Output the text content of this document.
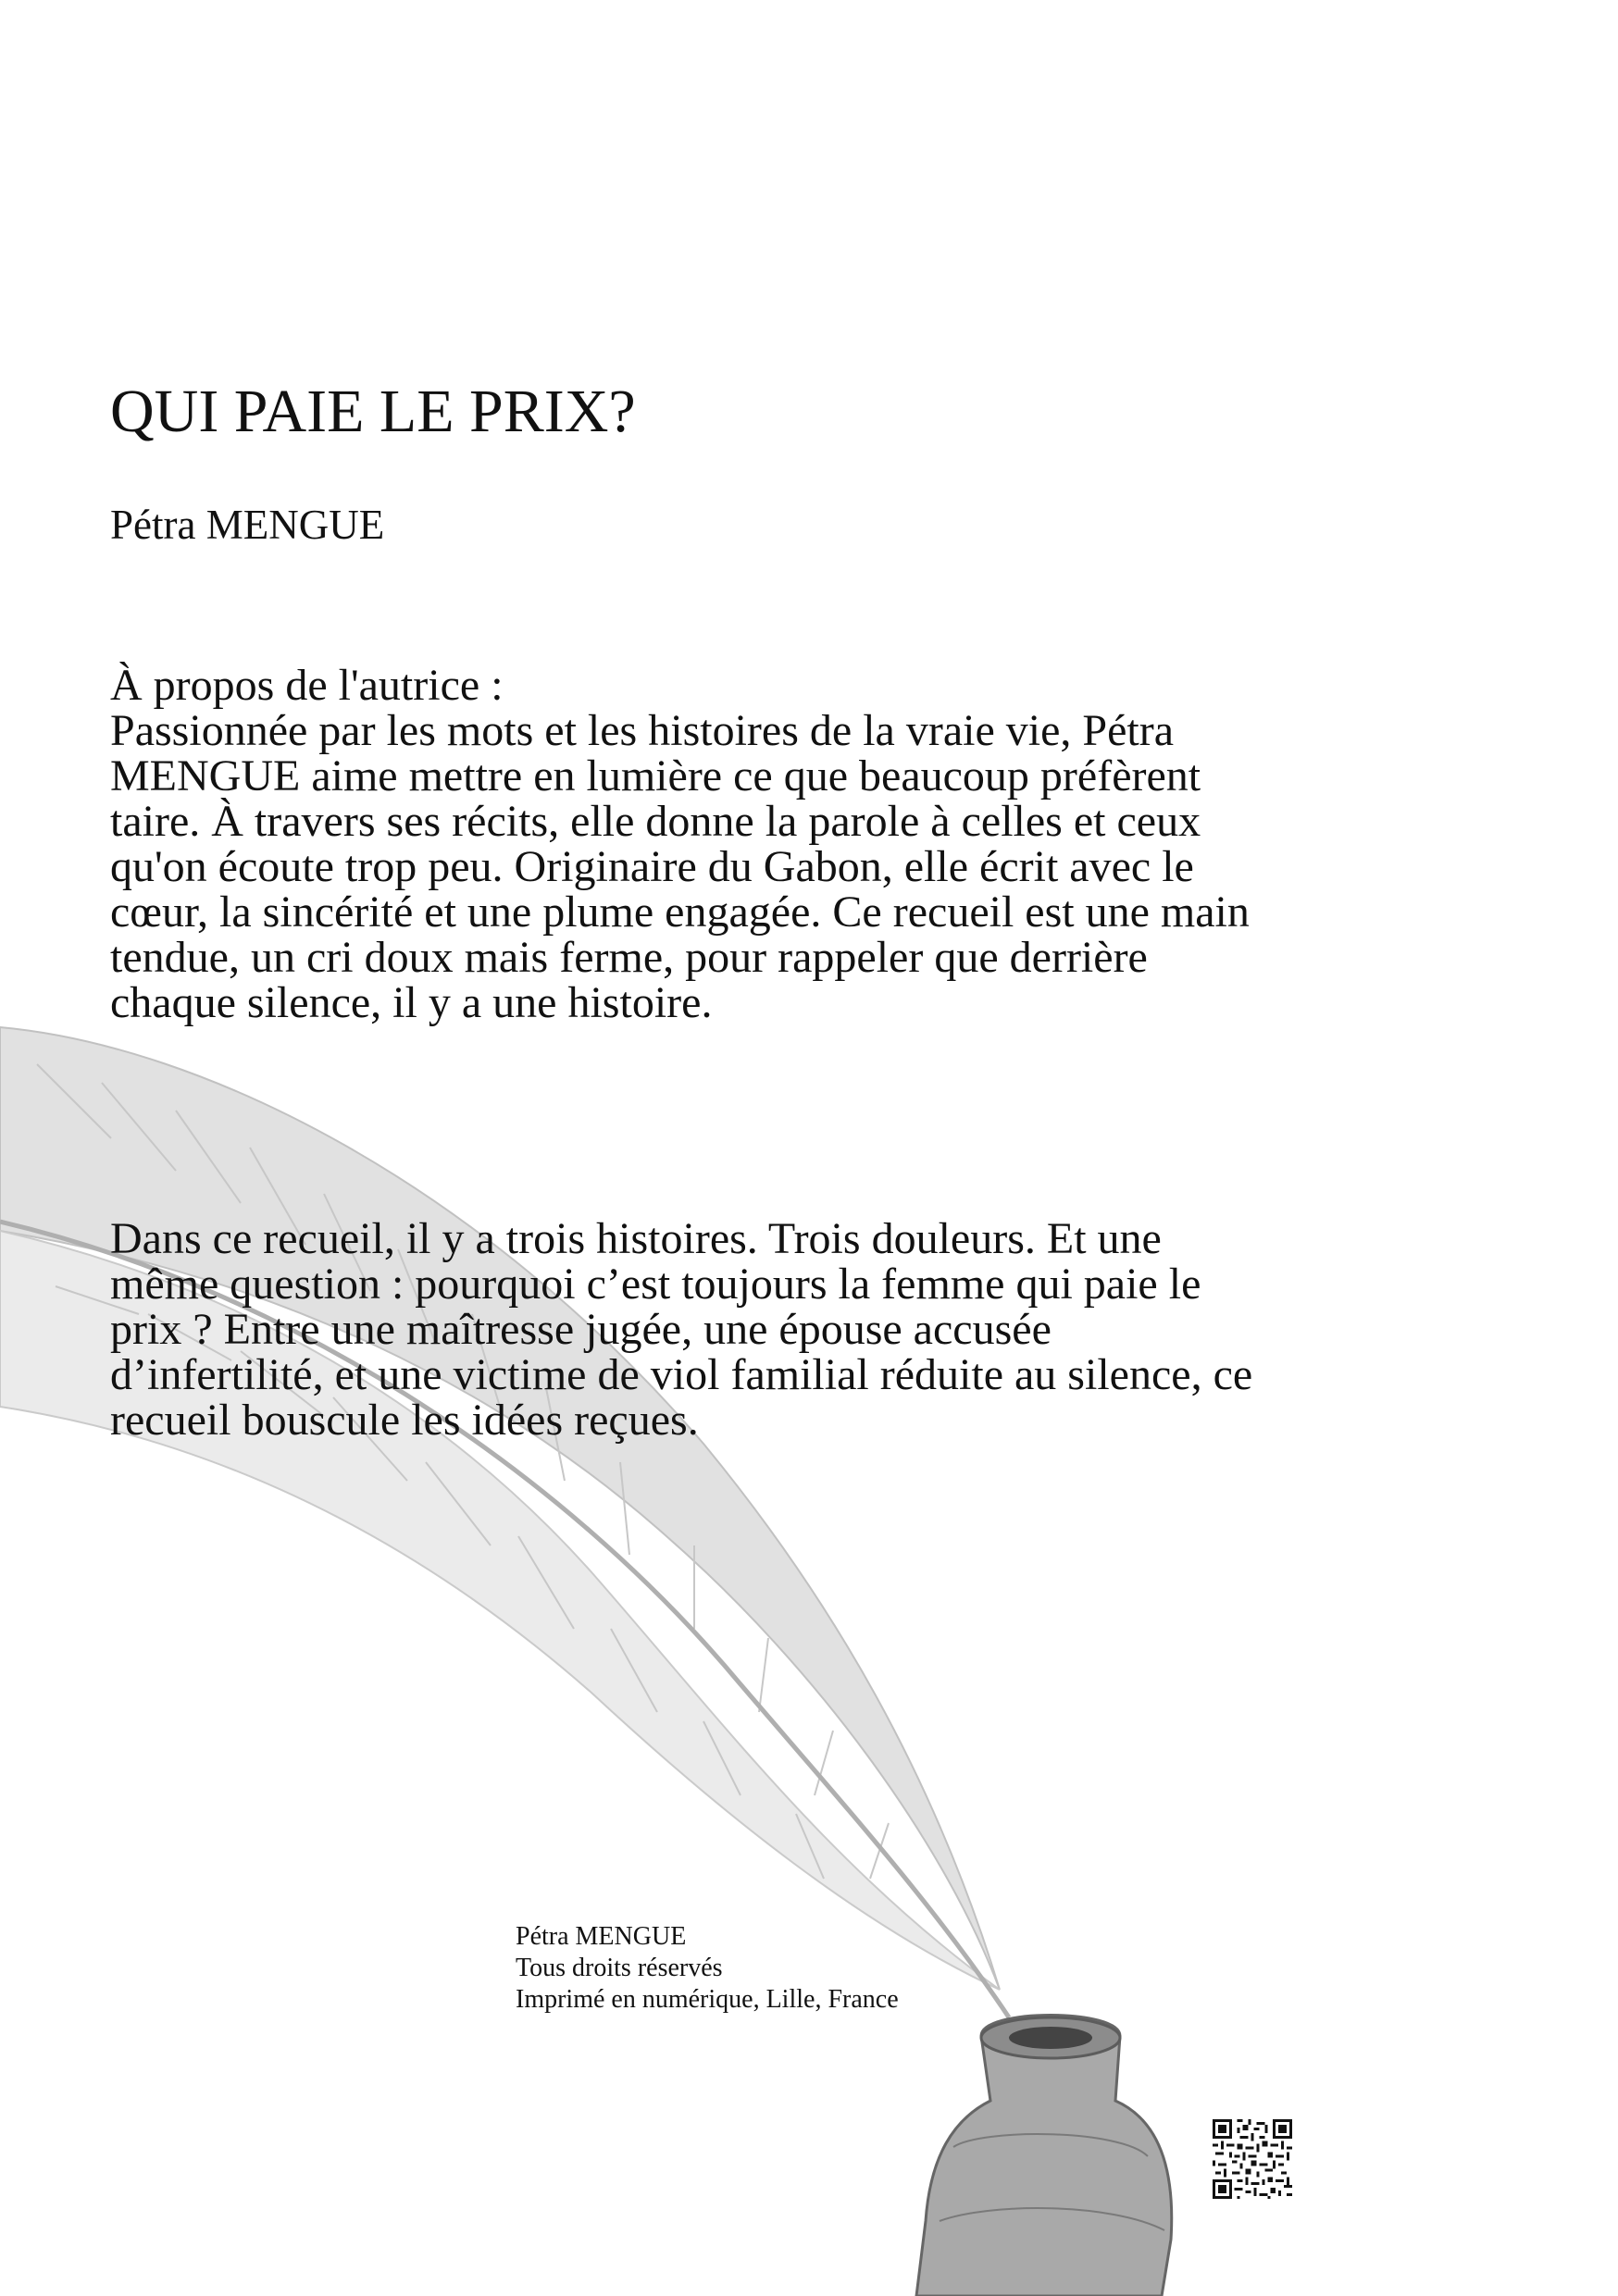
QUI PAIE LE PRIX?
Pétra MENGUE

À propos de l'autrice :

Passionnée par les mots et les histoires de la vraie vie, Pétra MENGUE aime mettre en lumière ce que beaucoup préfèrent taire. À travers ses récits, elle donne la parole à celles et ceux qu'on écoute trop peu. Originaire du Gabon, elle écrit avec le cœur, la sincérité et une plume engagée. Ce recueil est une main tendue, un cri doux mais ferme, pour rappeler que derrière chaque silence, il y a une histoire.

Dans ce recueil, il y a trois histoires. Trois douleurs. Et une même question : pourquoi c’est toujours la femme qui paie le prix ? Entre une maîtresse jugée, une épouse accusée d’infertilité, et une victime de viol familial réduite au silence, ce recueil bouscule les idées reçues.

Pétra MENGUE
Tous droits réservés
Imprimé en numérique, Lille, France
